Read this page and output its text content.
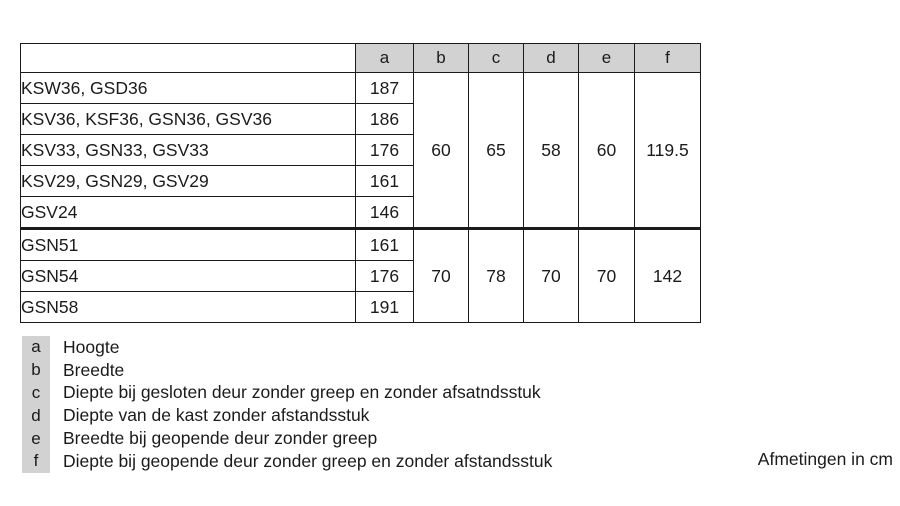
	a	b	c	d	e	f
KSW36, GSD36	187	60	65	58	60	119.5
KSV36, KSF36, GSN36, GSV36	186					
KSV33, GSN33, GSV33	176					
KSV29, GSN29, GSV29	161					
GSV24	146					
GSN51	161	70	78	70	70	142
GSN54	176					
GSN58	191					
a	Hoogte
b	Breedte
c	Diepte bij gesloten deur zonder greep en zonder afsatndsstuk
d	Diepte van de kast zonder afstandsstuk
e	Breedte bij geopende deur zonder greep
f	Diepte bij geopende deur zonder greep en zonder afstandsstuk	Afmetingen in cm
